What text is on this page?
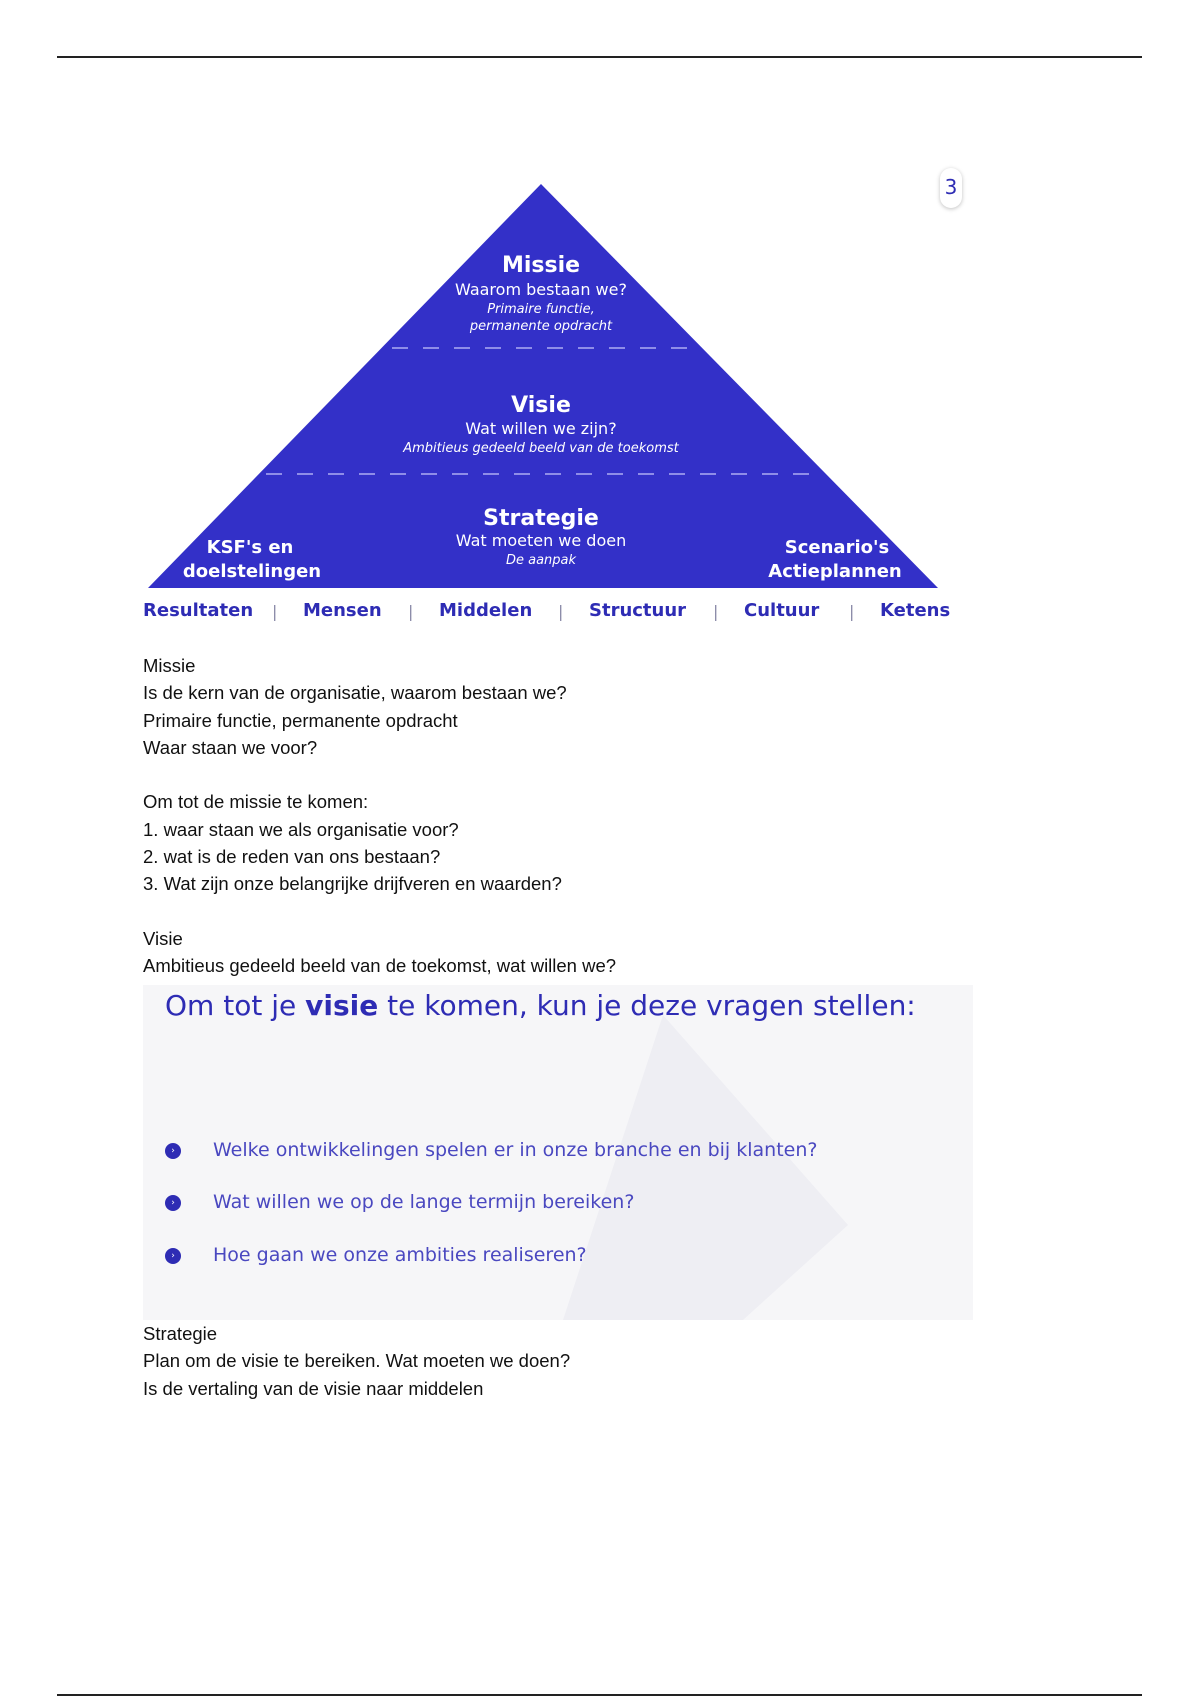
Missie
Waarom bestaan we?
Primaire functie,
permanente opdracht
Visie
Wat willen we zijn?
Ambitieus gedeeld beeld van de toekomst
Strategie
Wat moeten we doen
De aanpak
KSF's en
doelstelingen
Scenario's
Actieplannen
3
Resultaten | Mensen | Middelen | Structuur | Cultuur | Ketens
Missie
Is de kern van de organisatie, waarom bestaan we?
Primaire functie, permanente opdracht
Waar staan we voor?
Om tot de missie te komen:
1. waar staan we als organisatie voor?
2. wat is de reden van ons bestaan?
3. Wat zijn onze belangrijke drijfveren en waarden?
Visie
Ambitieus gedeeld beeld van de toekomst, wat willen we?
Om tot je visie te komen, kun je deze vragen stellen:
›	Welke ontwikkelingen spelen er in onze branche en bij klanten?
›	Wat willen we op de lange termijn bereiken?
›	Hoe gaan we onze ambities realiseren?
Strategie
Plan om de visie te bereiken. Wat moeten we doen?
Is de vertaling van de visie naar middelen
